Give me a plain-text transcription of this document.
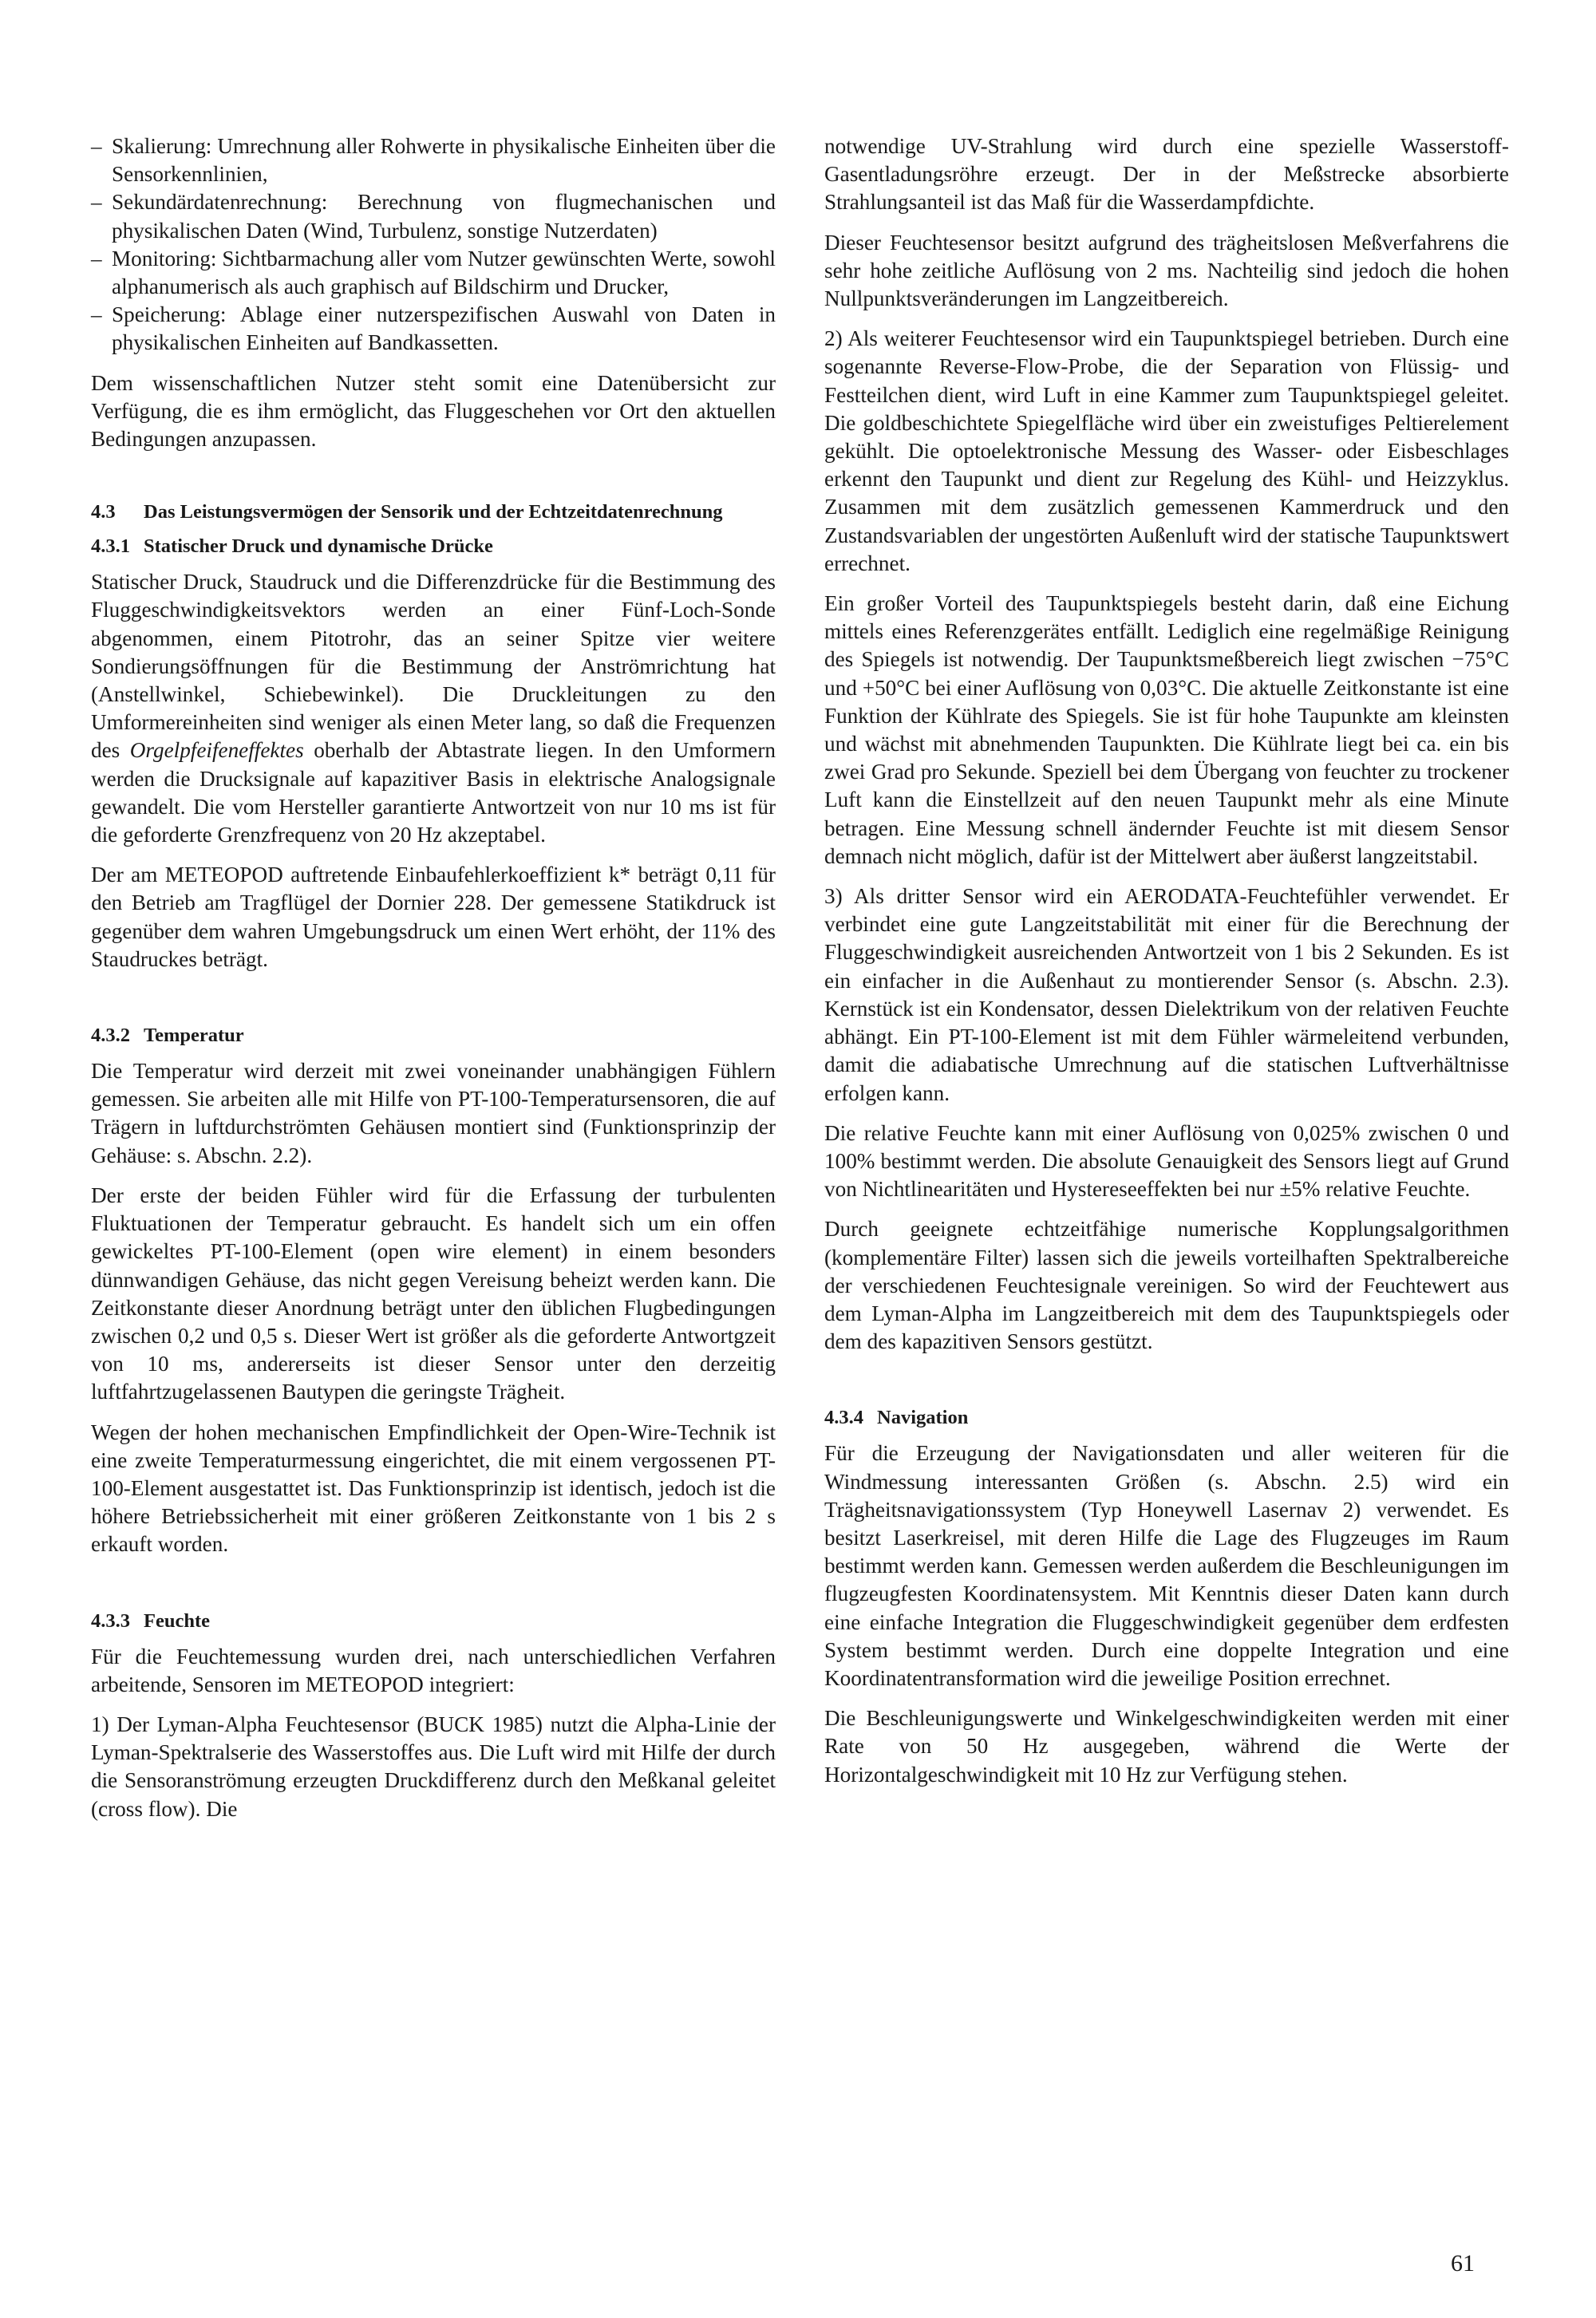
– Skalierung: Umrechnung aller Rohwerte in physikalische Einheiten über die Sensorkennlinien,
– Sekundärdatenrechnung: Berechnung von flugmechanischen und physikalischen Daten (Wind, Turbulenz, sonstige Nutzerdaten)
– Monitoring: Sichtbarmachung aller vom Nutzer gewünschten Werte, sowohl alphanumerisch als auch graphisch auf Bildschirm und Drucker,
– Speicherung: Ablage einer nutzerspezifischen Auswahl von Daten in physikalischen Einheiten auf Bandkassetten.

Dem wissenschaftlichen Nutzer steht somit eine Datenübersicht zur Verfügung, die es ihm ermöglicht, das Fluggeschehen vor Ort den aktuellen Bedingungen anzupassen.

4.3	Das Leistungsvermögen der Sensorik und der Echtzeitdatenrechnung
4.3.1 Statischer Druck und dynamische Drücke

Statischer Druck, Staudruck und die Differenzdrücke für die Bestimmung des Fluggeschwindigkeitsvektors werden an einer Fünf-Loch-Sonde abgenommen, einem Pitotrohr, das an seiner Spitze vier weitere Sondierungsöffnungen für die Bestimmung der Anströmrichtung hat (Anstellwinkel, Schiebewinkel). Die Druckleitungen zu den Umformereinheiten sind weniger als einen Meter lang, so daß die Frequenzen des Orgelpfeifeneffektes oberhalb der Abtastrate liegen. In den Umformern werden die Drucksignale auf kapazitiver Basis in elektrische Analogsignale gewandelt. Die vom Hersteller garantierte Antwortzeit von nur 10 ms ist für die geforderte Grenzfrequenz von 20 Hz akzeptabel.

Der am METEOPOD auftretende Einbaufehlerkoeffizient k* beträgt 0,11 für den Betrieb am Tragflügel der Dornier 228. Der gemessene Statikdruck ist gegenüber dem wahren Umgebungsdruck um einen Wert erhöht, der 11% des Staudruckes beträgt.

4.3.2 Temperatur

Die Temperatur wird derzeit mit zwei voneinander unabhängigen Fühlern gemessen. Sie arbeiten alle mit Hilfe von PT-100-Temperatursensoren, die auf Trägern in luftdurchströmten Gehäusen montiert sind (Funktionsprinzip der Gehäuse: s. Abschn. 2.2).

Der erste der beiden Fühler wird für die Erfassung der turbulenten Fluktuationen der Temperatur gebraucht. Es handelt sich um ein offen gewickeltes PT-100-Element (open wire element) in einem besonders dünnwandigen Gehäuse, das nicht gegen Vereisung beheizt werden kann. Die Zeitkonstante dieser Anordnung beträgt unter den üblichen Flugbedingungen zwischen 0,2 und 0,5 s. Dieser Wert ist größer als die geforderte Antwortgzeit von 10 ms, andererseits ist dieser Sensor unter den derzeitig luftfahrtzugelassenen Bautypen die geringste Trägheit.

Wegen der hohen mechanischen Empfindlichkeit der Open-Wire-Technik ist eine zweite Temperaturmessung eingerichtet, die mit einem vergossenen PT-100-Element ausgestattet ist. Das Funktionsprinzip ist identisch, jedoch ist die höhere Betriebssicherheit mit einer größeren Zeitkonstante von 1 bis 2 s erkauft worden.

4.3.3 Feuchte

Für die Feuchtemessung wurden drei, nach unterschiedlichen Verfahren arbeitende, Sensoren im METEOPOD integriert:

1) Der Lyman-Alpha Feuchtesensor (BUCK 1985) nutzt die Alpha-Linie der Lyman-Spektralserie des Wasserstoffes aus. Die Luft wird mit Hilfe der durch die Sensoranströmung erzeugten Druckdifferenz durch den Meßkanal geleitet (cross flow). Die

notwendige UV-Strahlung wird durch eine spezielle Wasserstoff-Gasentladungsröhre erzeugt. Der in der Meßstrecke absorbierte Strahlungsanteil ist das Maß für die Wasserdampfdichte.

Dieser Feuchtesensor besitzt aufgrund des trägheitslosen Meßverfahrens die sehr hohe zeitliche Auflösung von 2 ms. Nachteilig sind jedoch die hohen Nullpunktsveränderungen im Langzeitbereich.

2) Als weiterer Feuchtesensor wird ein Taupunktspiegel betrieben. Durch eine sogenannte Reverse-Flow-Probe, die der Separation von Flüssig- und Festteilchen dient, wird Luft in eine Kammer zum Taupunktspiegel geleitet. Die goldbeschichtete Spiegelfläche wird über ein zweistufiges Peltierelement gekühlt. Die optoelektronische Messung des Wasser- oder Eisbeschlages erkennt den Taupunkt und dient zur Regelung des Kühl- und Heizzyklus. Zusammen mit dem zusätzlich gemessenen Kammerdruck und den Zustandsvariablen der ungestörten Außenluft wird der statische Taupunktswert errechnet.

Ein großer Vorteil des Taupunktspiegels besteht darin, daß eine Eichung mittels eines Referenzgerätes entfällt. Lediglich eine regelmäßige Reinigung des Spiegels ist notwendig. Der Taupunktsmeßbereich liegt zwischen −75°C und +50°C bei einer Auflösung von 0,03°C. Die aktuelle Zeitkonstante ist eine Funktion der Kühlrate des Spiegels. Sie ist für hohe Taupunkte am kleinsten und wächst mit abnehmenden Taupunkten. Die Kühlrate liegt bei ca. ein bis zwei Grad pro Sekunde. Speziell bei dem Übergang von feuchter zu trockener Luft kann die Einstellzeit auf den neuen Taupunkt mehr als eine Minute betragen. Eine Messung schnell ändernder Feuchte ist mit diesem Sensor demnach nicht möglich, dafür ist der Mittelwert aber äußerst langzeitstabil.

3) Als dritter Sensor wird ein AERODATA-Feuchtefühler verwendet. Er verbindet eine gute Langzeitstabilität mit einer für die Berechnung der Fluggeschwindigkeit ausreichenden Antwortzeit von 1 bis 2 Sekunden. Es ist ein einfacher in die Außenhaut zu montierender Sensor (s. Abschn. 2.3). Kernstück ist ein Kondensator, dessen Dielektrikum von der relativen Feuchte abhängt. Ein PT-100-Element ist mit dem Fühler wärmeleitend verbunden, damit die adiabatische Umrechnung auf die statischen Luftverhältnisse erfolgen kann.

Die relative Feuchte kann mit einer Auflösung von 0,025% zwischen 0 und 100% bestimmt werden. Die absolute Genauigkeit des Sensors liegt auf Grund von Nichtlinearitäten und Hystereseeffekten bei nur ±5% relative Feuchte.

Durch geeignete echtzeitfähige numerische Kopplungsalgorithmen (komplementäre Filter) lassen sich die jeweils vorteilhaften Spektralbereiche der verschiedenen Feuchtesignale vereinigen. So wird der Feuchtewert aus dem Lyman-Alpha im Langzeitbereich mit dem des Taupunktspiegels oder dem des kapazitiven Sensors gestützt.

4.3.4 Navigation

Für die Erzeugung der Navigationsdaten und aller weiteren für die Windmessung interessanten Größen (s. Abschn. 2.5) wird ein Trägheitsnavigationssystem (Typ Honeywell Lasernav 2) verwendet. Es besitzt Laserkreisel, mit deren Hilfe die Lage des Flugzeuges im Raum bestimmt werden kann. Gemessen werden außerdem die Beschleunigungen im flugzeugfesten Koordinatensystem. Mit Kenntnis dieser Daten kann durch eine einfache Integration die Fluggeschwindigkeit gegenüber dem erdfesten System bestimmt werden. Durch eine doppelte Integration und eine Koordinatentransformation wird die jeweilige Position errechnet.

Die Beschleunigungswerte und Winkelgeschwindigkeiten werden mit einer Rate von 50 Hz ausgegeben, während die Werte der Horizontalgeschwindigkeit mit 10 Hz zur Verfügung stehen.

61
